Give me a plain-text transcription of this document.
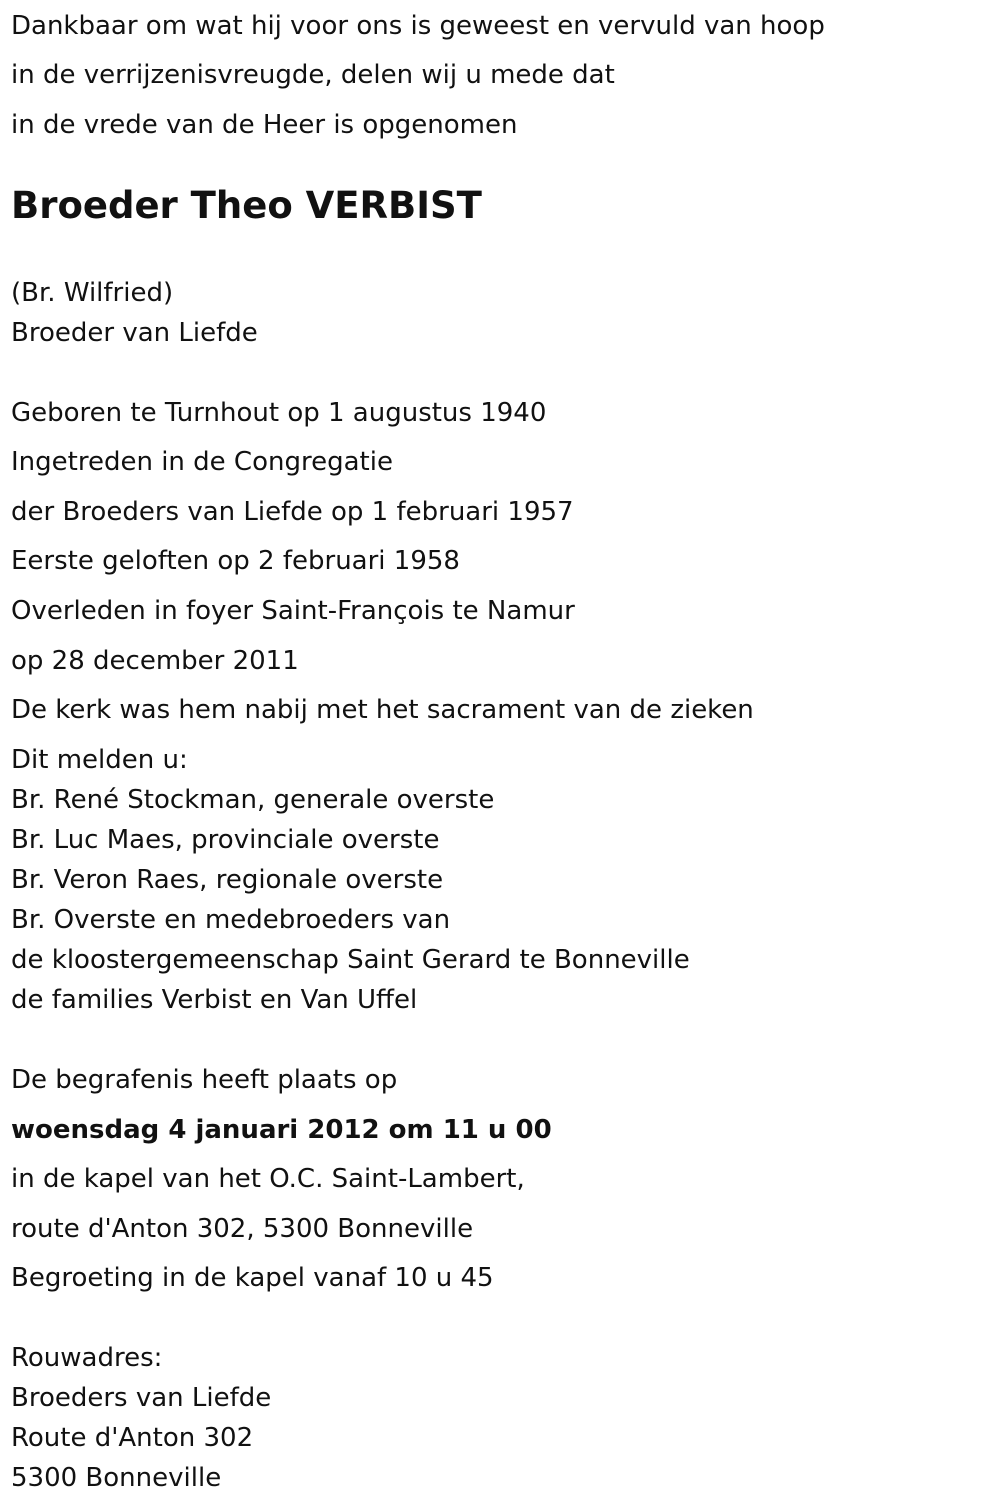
Dankbaar om wat hij voor ons is geweest en vervuld van hoop
in de verrijzenisvreugde, delen wij u mede dat
in de vrede van de Heer is opgenomen
Broeder Theo VERBIST
(Br. Wilfried)
Broeder van Liefde
Geboren te Turnhout op 1 augustus 1940
Ingetreden in de Congregatie
der Broeders van Liefde op 1 februari 1957
Eerste geloften op 2 februari 1958
Overleden in foyer Saint-François te Namur
op 28 december 2011
De kerk was hem nabij met het sacrament van de zieken
Dit melden u:
Br. René Stockman, generale overste
Br. Luc Maes, provinciale overste
Br. Veron Raes, regionale overste
Br. Overste en medebroeders van
de kloostergemeenschap Saint Gerard te Bonneville
de families Verbist en Van Uffel
De begrafenis heeft plaats op
woensdag 4 januari 2012 om 11 u 00
in de kapel van het O.C. Saint-Lambert,
route d'Anton 302, 5300 Bonneville
Begroeting in de kapel vanaf 10 u 45
Rouwadres:
Broeders van Liefde
Route d'Anton 302
5300 Bonneville
